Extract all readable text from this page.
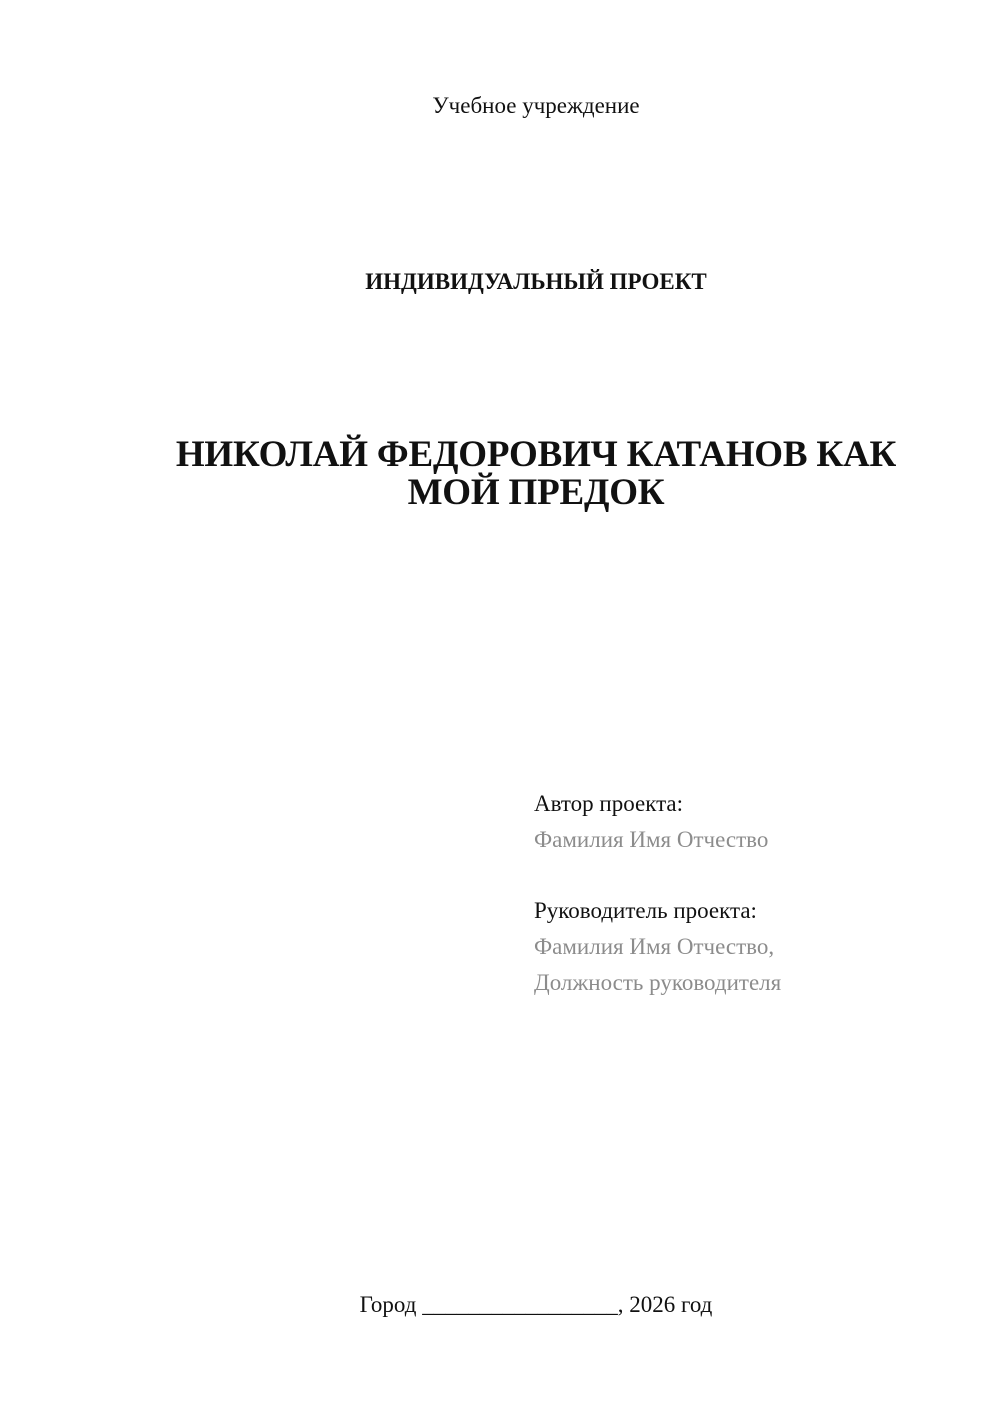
Учебное учреждение
ИНДИВИДУАЛЬНЫЙ ПРОЕКТ
НИКОЛАЙ ФЕДОРОВИЧ КАТАНОВ КАК
МОЙ ПРЕДОК
Автор проекта:
Фамилия Имя Отчество
Руководитель проекта:
Фамилия Имя Отчество,
Должность руководителя
Город _________________, 2026 год
